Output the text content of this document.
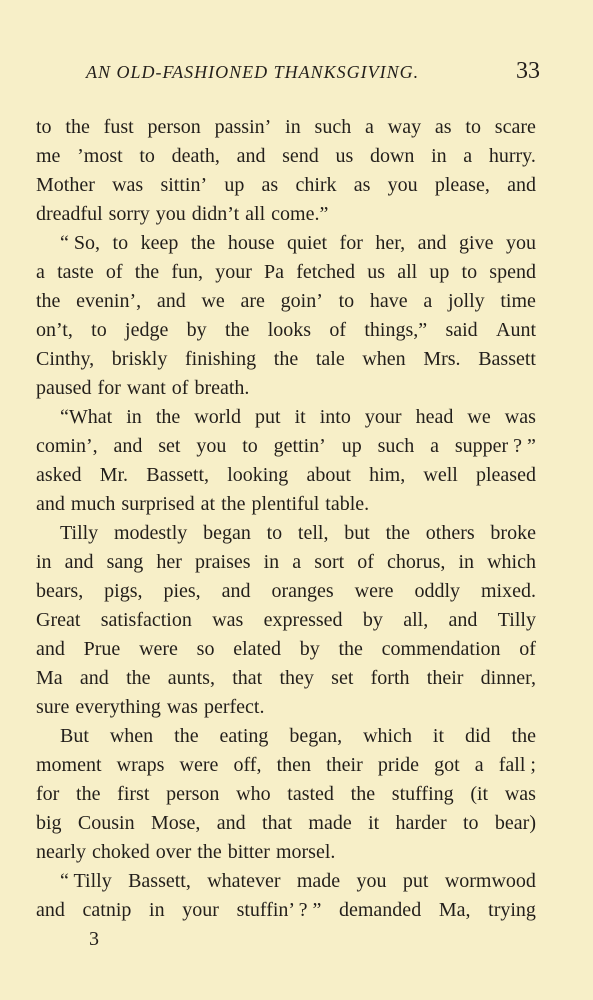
AN OLD-FASHIONED THANKSGIVING.	33
to the fust person passin’ in such a way as to scare
me ’most to death, and send us down in a hurry.
Mother was sittin’ up as chirk as you please, and
dreadful sorry you didn’t all come.”
“ So, to keep the house quiet for her, and give you
a taste of the fun, your Pa fetched us all up to spend
the evenin’, and we are goin’ to have a jolly time
on’t, to jedge by the looks of things,” said Aunt
Cinthy, briskly finishing the tale when Mrs. Bassett
paused for want of breath.
“What in the world put it into your head we was
comin’, and set you to gettin’ up such a supper ? ”
asked Mr. Bassett, looking about him, well pleased
and much surprised at the plentiful table.
Tilly modestly began to tell, but the others broke
in and sang her praises in a sort of chorus, in which
bears, pigs, pies, and oranges were oddly mixed.
Great satisfaction was expressed by all, and Tilly
and Prue were so elated by the commendation of
Ma and the aunts, that they set forth their dinner,
sure everything was perfect.
But when the eating began, which it did the
moment wraps were off, then their pride got a fall ;
for the first person who tasted the stuffing (it was
big Cousin Mose, and that made it harder to bear)
nearly choked over the bitter morsel.
“ Tilly Bassett, whatever made you put wormwood
and catnip in your stuffin’ ? ” demanded Ma, trying
3
